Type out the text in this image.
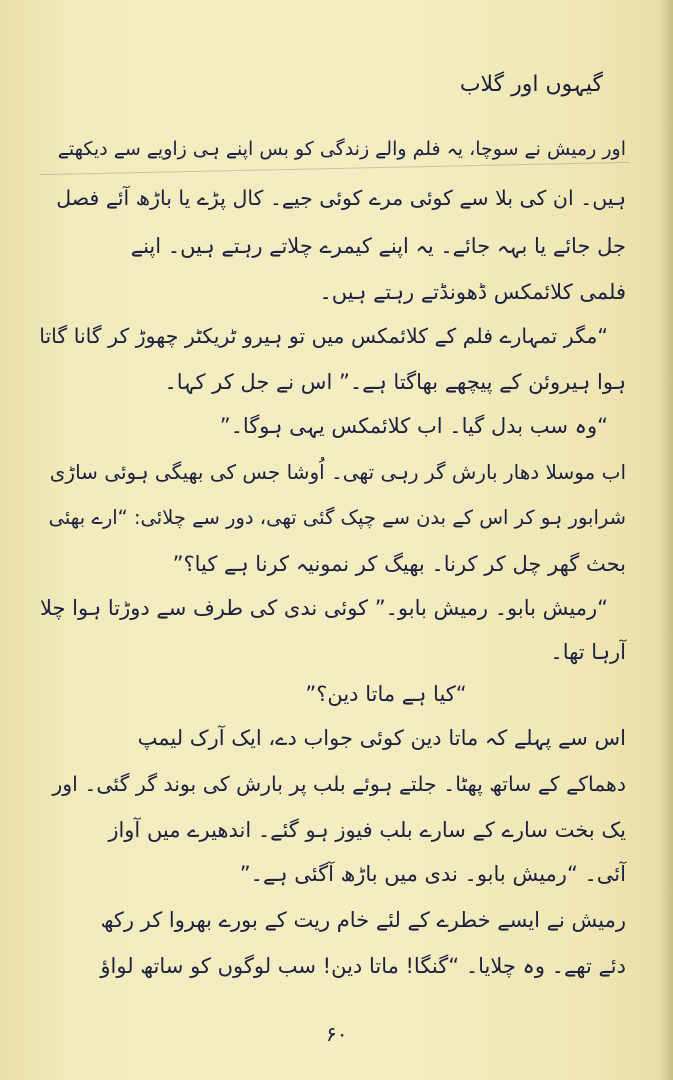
گیہوں اور گلاب
اور رمیش نے سوچا، یہ فلم والے زندگی کو بس اپنے ہی زاویے سے دیکھتے
ہیں۔ ان کی بلا سے کوئی مرے کوئی جیے۔ کال پڑے یا باڑھ آئے فصل
جل جائے یا بہہ جائے۔ یہ اپنے کیمرے چلاتے رہتے ہیں۔ اپنے
فلمی کلائمکس ڈھونڈتے رہتے ہیں۔
“مگر تمہارے فلم کے کلائمکس میں تو ہیرو ٹریکٹر چھوڑ کر گانا گاتا
ہوا ہیروئن کے پیچھے بھاگتا ہے۔” اس نے جل کر کہا۔
“وہ سب بدل گیا۔ اب کلائمکس یہی ہوگا۔”
اب موسلا دھار بارش گر رہی تھی۔ اُوشا جس کی بھیگی ہوئی ساڑی
شرابور ہو کر اس کے بدن سے چپک گئی تھی، دور سے چلائی: “ارے بھئی
بحث گھر چل کر کرنا۔ بھیگ کر نمونیہ کرنا ہے کیا؟”
“رمیش بابو۔ رمیش بابو۔” کوئی ندی کی طرف سے دوڑتا ہوا چلا
آرہا تھا۔
“کیا ہے ماتا دین؟”
اس سے پہلے کہ ماتا دین کوئی جواب دے، ایک آرک لیمپ
دھماکے کے ساتھ پھٹا۔ جلتے ہوئے بلب پر بارش کی بوند گر گئی۔ اور
یک بخت سارے کے سارے بلب فیوز ہو گئے۔ اندھیرے میں آواز
آئی۔ “رمیش بابو۔ ندی میں باڑھ آگئی ہے۔”
رمیش نے ایسے خطرے کے لئے خام ریت کے بورے بھروا کر رکھ
دئے تھے۔ وہ چلایا۔ “گنگا! ماتا دین! سب لوگوں کو ساتھ لواؤ
۶۰
